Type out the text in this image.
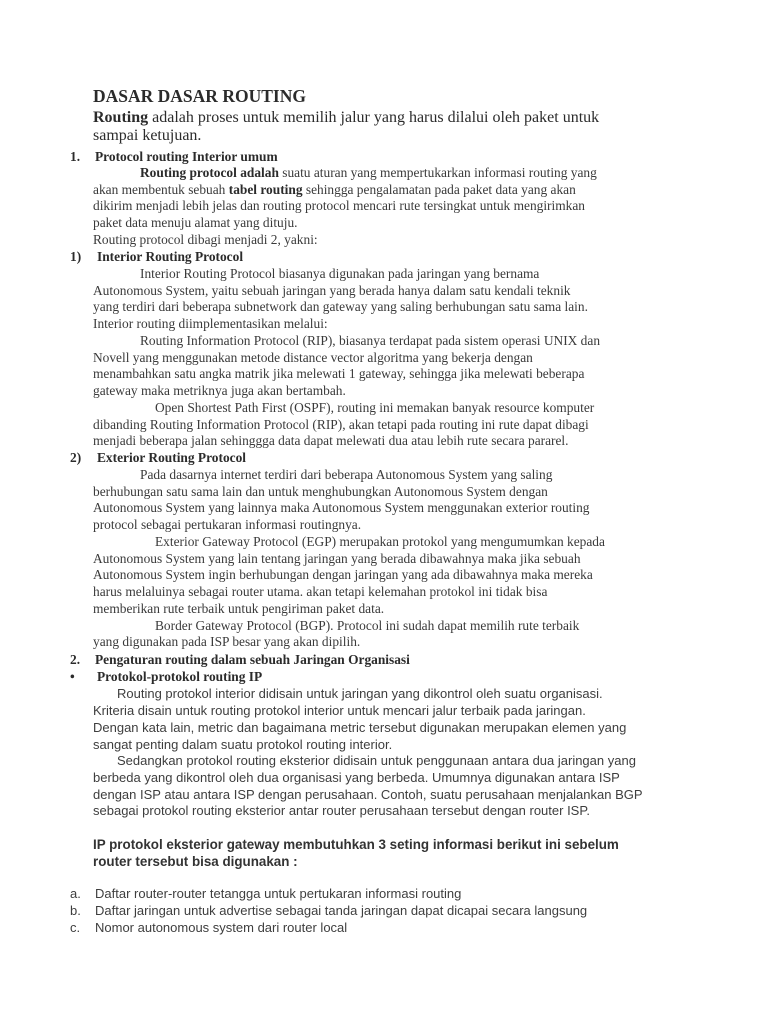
DASAR DASAR ROUTING
Routing adalah proses untuk memilih jalur yang harus dilalui oleh paket untuk
sampai ketujuan.
1. Protocol routing Interior umum
Routing protocol adalah suatu aturan yang mempertukarkan informasi routing yang
akan membentuk sebuah tabel routing sehingga pengalamatan pada paket data yang akan
dikirim menjadi lebih jelas dan routing protocol mencari rute tersingkat untuk mengirimkan
paket data menuju alamat yang dituju.
Routing protocol dibagi menjadi 2, yakni:
1) Interior Routing Protocol
Interior Routing Protocol biasanya digunakan pada jaringan yang bernama
Autonomous System, yaitu sebuah jaringan yang berada hanya dalam satu kendali teknik
yang terdiri dari beberapa subnetwork dan gateway yang saling berhubungan satu sama lain.
Interior routing diimplementasikan melalui:
Routing Information Protocol (RIP), biasanya terdapat pada sistem operasi UNIX dan
Novell yang menggunakan metode distance vector algoritma yang bekerja dengan
menambahkan satu angka matrik jika melewati 1 gateway, sehingga jika melewati beberapa
gateway maka metriknya juga akan bertambah.
Open Shortest Path First (OSPF), routing ini memakan banyak resource komputer
dibanding Routing Information Protocol (RIP), akan tetapi pada routing ini rute dapat dibagi
menjadi beberapa jalan sehinggga data dapat melewati dua atau lebih rute secara pararel.
2) Exterior Routing Protocol
Pada dasarnya internet terdiri dari beberapa Autonomous System yang saling
berhubungan satu sama lain dan untuk menghubungkan Autonomous System dengan
Autonomous System yang lainnya maka Autonomous System menggunakan exterior routing
protocol sebagai pertukaran informasi routingnya.
Exterior Gateway Protocol (EGP) merupakan protokol yang mengumumkan kepada
Autonomous System yang lain tentang jaringan yang berada dibawahnya maka jika sebuah
Autonomous System ingin berhubungan dengan jaringan yang ada dibawahnya maka mereka
harus melaluinya sebagai router utama. akan tetapi kelemahan protokol ini tidak bisa
memberikan rute terbaik untuk pengiriman paket data.
Border Gateway Protocol (BGP). Protocol ini sudah dapat memilih rute terbaik
yang digunakan pada ISP besar yang akan dipilih.
2. Pengaturan routing dalam sebuah Jaringan Organisasi
• Protokol-protokol routing IP
Routing protokol interior didisain untuk jaringan yang dikontrol oleh suatu organisasi.
Kriteria disain untuk routing protokol interior untuk mencari jalur terbaik pada jaringan.
Dengan kata lain, metric dan bagaimana metric tersebut digunakan merupakan elemen yang
sangat penting dalam suatu protokol routing interior.
Sedangkan protokol routing eksterior didisain untuk penggunaan antara dua jaringan yang
berbeda yang dikontrol oleh dua organisasi yang berbeda. Umumnya digunakan antara ISP
dengan ISP atau antara ISP dengan perusahaan. Contoh, suatu perusahaan menjalankan BGP
sebagai protokol routing eksterior antar router perusahaan tersebut dengan router ISP.
IP protokol eksterior gateway membutuhkan 3 seting informasi berikut ini sebelum
router tersebut bisa digunakan :
a. Daftar router-router tetangga untuk pertukaran informasi routing
b. Daftar jaringan untuk advertise sebagai tanda jaringan dapat dicapai secara langsung
c. Nomor autonomous system dari router local
